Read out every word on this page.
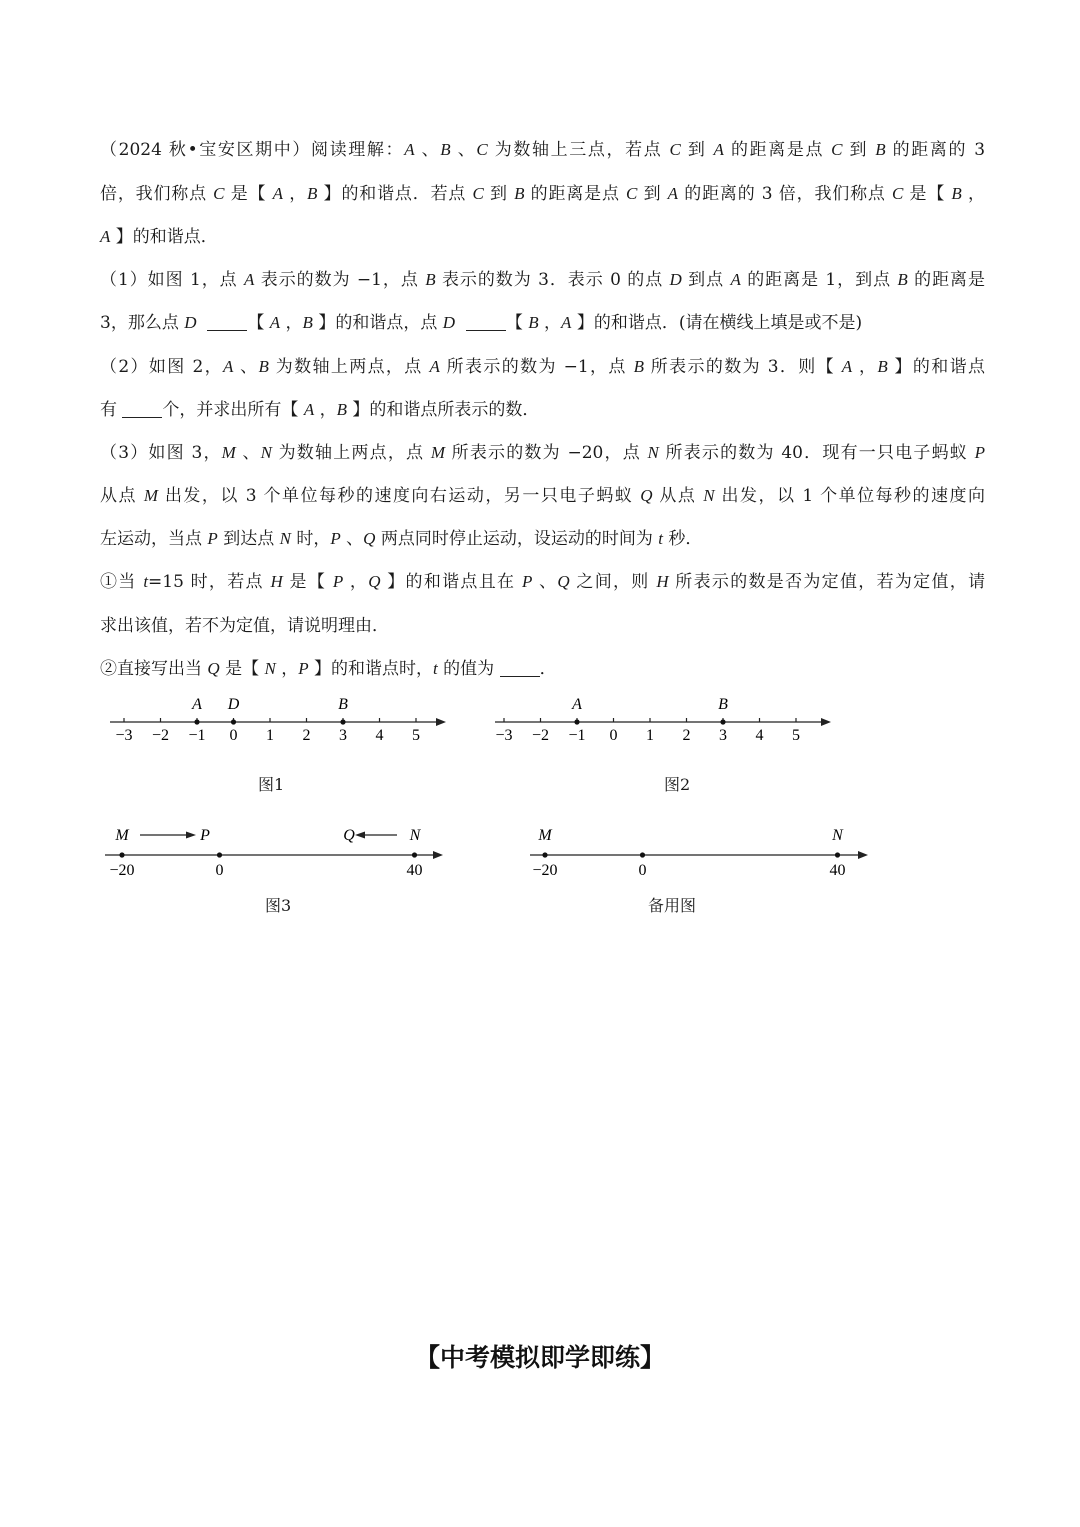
（2024 秋•宝安区期中）阅读理解：A 、B 、C 为数轴上三点，若点 C 到 A 的距离是点 C 到 B 的距离的 3
倍，我们称点 C 是【 A ，B 】的和谐点．若点 C 到 B 的距离是点 C 到 A 的距离的 3 倍，我们称点 C 是【 B ，
A 】的和谐点．
（1）如图 1，点 A 表示的数为 −1，点 B 表示的数为 3．表示 0 的点 D 到点 A 的距离是 1，到点 B 的距离是
3，那么点 D	【 A ，B 】的和谐点，点 D	【 B ，A 】的和谐点．(请在横线上填是或不是)
（2）如图 2，A 、B 为数轴上两点，点 A 所表示的数为 −1，点 B 所表示的数为 3．则【 A ，B 】的和谐点
有 个，并求出所有【 A ，B 】的和谐点所表示的数．
（3）如图 3，M 、N 为数轴上两点，点 M 所表示的数为 −20，点 N 所表示的数为 40．现有一只电子蚂蚁 P
从点 M 出发，以 3 个单位每秒的速度向右运动，另一只电子蚂蚁 Q 从点 N 出发，以 1 个单位每秒的速度向
左运动，当点 P 到达点 N 时，P 、Q 两点同时停止运动，设运动的时间为 t 秒．
①当 t=15 时，若点 H 是【 P ，Q 】的和谐点且在 P 、Q 之间，则 H 所表示的数是否为定值，若为定值，请
求出该值，若不为定值，请说明理由．
②直接写出当 Q 是【 N ，P 】的和谐点时，t 的值为 ．
−3 −2 −1 0 1 2 3 4 5
A D	B
图1
−3 −2 −1 0 1 2 3 4 5
A	B
图2
−20	0	40
M	P	Q	N
图3
−20	0	40
M	N
备用图
【中考模拟即学即练】
